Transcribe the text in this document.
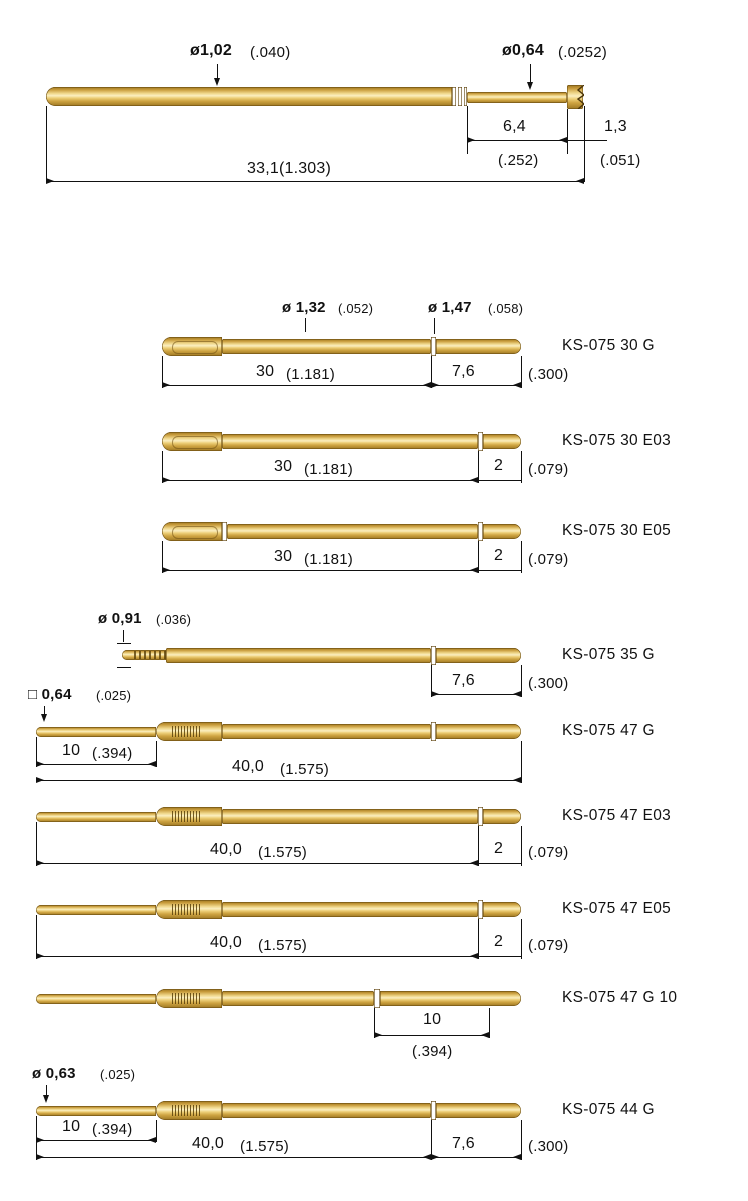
ø1,02 (.040)	ø0,64 (.0252)
6,4
(.252)
1,3
(.051)
33,1(1.303)
ø 1,32 (.052)	ø 1,47 (.058)
30 (1.181)	7,6	(.300)
KS-075 30 G
30 (1.181)	2 (.079)
KS-075 30 E03
30 (1.181)	2 (.079)
KS-075 30 E05
ø 0,91 (.036)
7,6	(.300)
KS-075 35 G
□ 0,64 (.025)
10 (.394)
40,0 (1.575)
KS-075 47 G
40,0 (1.575)	2 (.079)
KS-075 47 E03
40,0 (1.575)	2 (.079)
KS-075 47 E05
10
(.394)
KS-075 47 G 10
ø 0,63 (.025)
10 (.394)
40,0 (1.575)	7,6	(.300)
KS-075 44 G
